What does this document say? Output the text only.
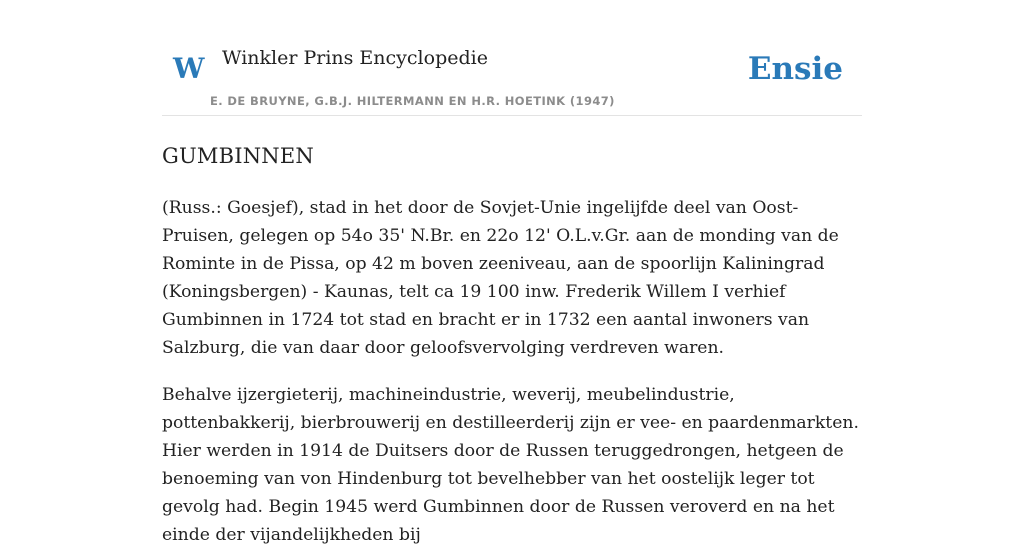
W Winkler Prins Encyclopedie
E. DE BRUYNE, G.B.J. HILTERMANN EN H.R. HOETINK (1947)
Ensie
GUMBINNEN

(Russ.: Goesjef), stad in het door de Sovjet-Unie ingelijfde deel van Oost-Pruisen, gelegen op 54o 35' N.Br. en 22o 12' O.L.v.Gr. aan de monding van de Rominte in de Pissa, op 42 m boven zeeniveau, aan de spoorlijn Kaliningrad (Koningsbergen) - Kaunas, telt ca 19 100 inw. Frederik Willem I verhief Gumbinnen in 1724 tot stad en bracht er in 1732 een aantal inwoners van Salzburg, die van daar door geloofsvervolging verdreven waren.

Behalve ijzergieterij, machineindustrie, weverij, meubelindustrie, pottenbakkerij, bierbrouwerij en destilleerderij zijn er vee- en paardenmarkten. Hier werden in 1914 de Duitsers door de Russen teruggedrongen, hetgeen de benoeming van von Hindenburg tot bevelhebber van het oostelijk leger tot gevolg had. Begin 1945 werd Gumbinnen door de Russen veroverd en na het einde der vijandelijkheden bij
